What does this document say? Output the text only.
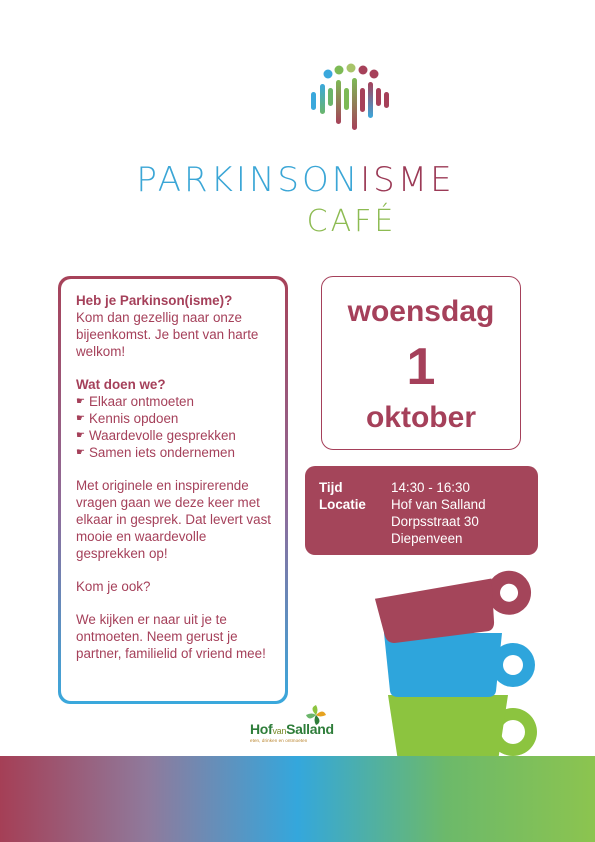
PARKINSONISME
CAFÉ

Heb je Parkinson(isme)?
Kom dan gezellig naar onze bijeenkomst. Je bent van harte welkom!

Wat doen we?
☛ Elkaar ontmoeten
☛ Kennis opdoen
☛ Waardevolle gesprekken
☛ Samen iets ondernemen

Met originele en inspirerende vragen gaan we deze keer met elkaar in gesprek. Dat levert vast mooie en waardevolle gesprekken op!

Kom je ook?

We kijken er naar uit je te ontmoeten. Neem gerust je partner, familielid of vriend mee!

woensdag
1
oktober
Tijd
Locatie
14:30 - 16:30
Hof van Salland
Dorpsstraat 30
Diepenveen
HofvanSalland
eten, drinken en ontmoeten
